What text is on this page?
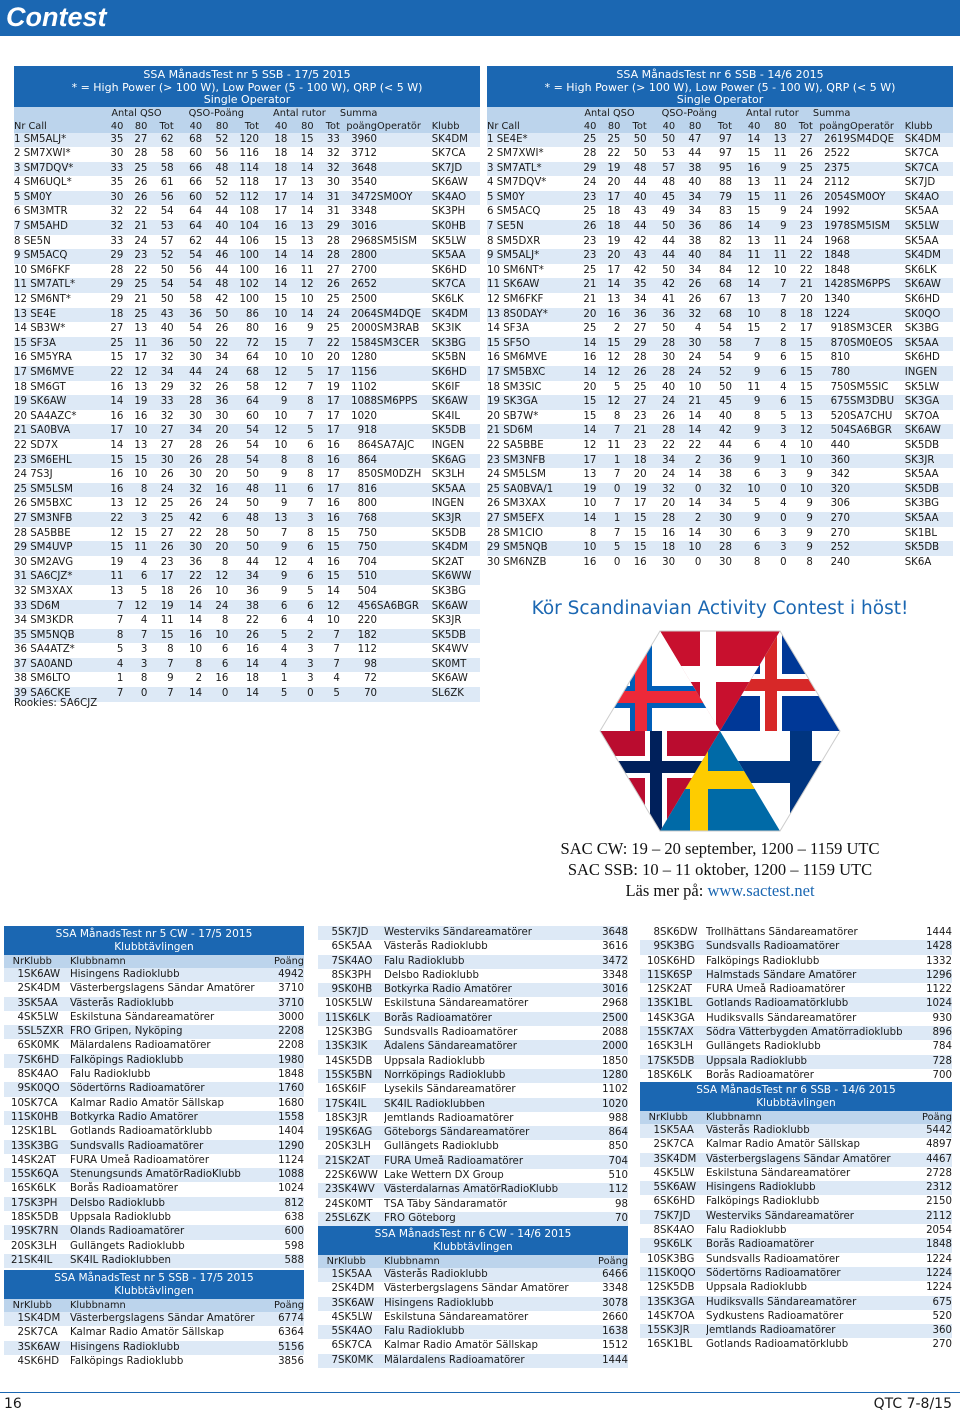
Contest
SSA MånadsTest nr 5 SSB - 17/5 2015
* = High Power (> 100 W), Low Power (5 - 100 W), QRP (< 5 W)
Single Operator
	Antal QSO			QSO-Poäng			Antal rutor			Summa		
Nr Call	40	80	Tot	40	80	Tot	40	80	Tot	poäng	Operatör	Klubb
1 SM5ALJ*	35	27	62	68	52	120	18	15	33	3960		SK4DM
2 SM7XWI*	30	28	58	60	56	116	18	14	32	3712		SK7CA
3 SM7DQV*	33	25	58	66	48	114	18	14	32	3648		SK7JD
4 SM6UQL*	35	26	61	66	52	118	17	13	30	3540		SK6AW
5 SM0Y	30	26	56	60	52	112	17	14	31	3472	SM0OY	SK4AO
6 SM3MTR	32	22	54	64	44	108	17	14	31	3348		SK3PH
7 SM5AHD	32	21	53	64	40	104	16	13	29	3016		SK0HB
8 SE5N	33	24	57	62	44	106	15	13	28	2968	SM5ISM	SK5LW
9 SM5ACQ	29	23	52	54	46	100	14	14	28	2800		SK5AA
10 SM6FKF	28	22	50	56	44	100	16	11	27	2700		SK6HD
11 SM7ATL*	29	25	54	54	48	102	14	12	26	2652		SK7CA
12 SM6NT*	29	21	50	58	42	100	15	10	25	2500		SK6LK
13 SE4E	18	25	43	36	50	86	10	14	24	2064	SM4DQE	SK4DM
14 SB3W*	27	13	40	54	26	80	16	9	25	2000	SM3RAB	SK3IK
15 SF3A	25	11	36	50	22	72	15	7	22	1584	SM3CER	SK3BG
16 SM5YRA	15	17	32	30	34	64	10	10	20	1280		SK5BN
17 SM6MVE	22	12	34	44	24	68	12	5	17	1156		SK6HD
18 SM6GT	16	13	29	32	26	58	12	7	19	1102		SK6IF
19 SK6AW	14	19	33	28	36	64	9	8	17	1088	SM6PPS	SK6AW
20 SA4AZC*	16	16	32	30	30	60	10	7	17	1020		SK4IL
21 SA0BVA	17	10	27	34	20	54	12	5	17	918		SK5DB
22 SD7X	14	13	27	28	26	54	10	6	16	864	SA7AJC	INGEN
23 SM6EHL	15	15	30	26	28	54	8	8	16	864		SK6AG
24 7S3J	16	10	26	30	20	50	9	8	17	850	SM0DZH	SK3LH
25 SM5LSM	16	8	24	32	16	48	11	6	17	816		SK5AA
26 SM5BXC	13	12	25	26	24	50	9	7	16	800		INGEN
27 SM3NFB	22	3	25	42	6	48	13	3	16	768		SK3JR
28 SA5BBE	12	15	27	22	28	50	7	8	15	750		SK5DB
29 SM4UVP	15	11	26	30	20	50	9	6	15	750		SK4DM
30 SM2AVG	19	4	23	36	8	44	12	4	16	704		SK2AT
31 SA6CJZ*	11	6	17	22	12	34	9	6	15	510		SK6WW
32 SM3XAX	13	5	18	26	10	36	9	5	14	504		SK3BG
33 SD6M	7	12	19	14	24	38	6	6	12	456	SA6BGR	SK6AW
34 SM3KDR	7	4	11	14	8	22	6	4	10	220		SK3JR
35 SM5NQB	8	7	15	16	10	26	5	2	7	182		SK5DB
36 SA4ATZ*	5	3	8	10	6	16	4	3	7	112		SK4WV
37 SA0AND	4	3	7	8	6	14	4	3	7	98		SK0MT
38 SM6LTO	1	8	9	2	16	18	1	3	4	72		SK6AW
39 SA6CKE	7	0	7	14	0	14	5	0	5	70		SL6ZK
Rookies: SA6CJZ
SSA MånadsTest nr 6 SSB - 14/6 2015
* = High Power (> 100 W), Low Power (5 - 100 W), QRP (< 5 W)
Single Operator
	Antal QSO			QSO-Poäng			Antal rutor			Summa		
Nr Call	40	80	Tot	40	80	Tot	40	80	Tot	poäng	Operatör	Klubb
1 SE4E*	25	25	50	50	47	97	14	13	27	2619	SM4DQE	SK4DM
2 SM7XWI*	28	22	50	53	44	97	15	11	26	2522		SK7CA
3 SM7ATL*	29	19	48	57	38	95	16	9	25	2375		SK7CA
4 SM7DQV*	24	20	44	48	40	88	13	11	24	2112		SK7JD
5 SM0Y	23	17	40	45	34	79	15	11	26	2054	SM0OY	SK4AO
6 SM5ACQ	25	18	43	49	34	83	15	9	24	1992		SK5AA
7 SE5N	26	18	44	50	36	86	14	9	23	1978	SM5ISM	SK5LW
8 SM5DXR	23	19	42	44	38	82	13	11	24	1968		SK5AA
9 SM5ALJ*	23	20	43	44	40	84	11	11	22	1848		SK4DM
10 SM6NT*	25	17	42	50	34	84	12	10	22	1848		SK6LK
11 SK6AW	21	14	35	42	26	68	14	7	21	1428	SM6PPS	SK6AW
12 SM6FKF	21	13	34	41	26	67	13	7	20	1340		SK6HD
13 8S0DAY*	20	16	36	36	32	68	10	8	18	1224		SK0QO
14 SF3A	25	2	27	50	4	54	15	2	17	918	SM3CER	SK3BG
15 SF5O	14	15	29	28	30	58	7	8	15	870	SM0EOS	SK5AA
16 SM6MVE	16	12	28	30	24	54	9	6	15	810		SK6HD
17 SM5BXC	14	12	26	28	24	52	9	6	15	780		INGEN
18 SM3SIC	20	5	25	40	10	50	11	4	15	750	SM5SIC	SK5LW
19 SK3GA	15	12	27	24	21	45	9	6	15	675	SM3DBU	SK3GA
20 SB7W*	15	8	23	26	14	40	8	5	13	520	SA7CHU	SK7OA
21 SD6M	14	7	21	28	14	42	9	3	12	504	SA6BGR	SK6AW
22 SA5BBE	12	11	23	22	22	44	6	4	10	440		SK5DB
23 SM3NFB	17	1	18	34	2	36	9	1	10	360		SK3JR
24 SM5LSM	13	7	20	24	14	38	6	3	9	342		SK5AA
25 SA0BVA/1	19	0	19	32	0	32	10	0	10	320		SK5DB
26 SM3XAX	10	7	17	20	14	34	5	4	9	306		SK3BG
27 SM5EFX	14	1	15	28	2	30	9	0	9	270		SK5AA
28 SM1CIO	8	7	15	16	14	30	6	3	9	270		SK1BL
29 SM5NQB	10	5	15	18	10	28	6	3	9	252		SK5DB
30 SM6NZB	16	0	16	30	0	30	8	0	8	240		SK6A
Kör Scandinavian Activity Contest i höst!
SAC CW: 19 – 20 september, 1200 – 1159 UTC
SAC SSB: 10 – 11 oktober, 1200 – 1159 UTC
Läs mer på: www.sactest.net
SSA MånadsTest nr 5 CW - 17/5 2015
Klubbtävlingen
Nr	Klubb	Klubbnamn	Poäng
1	SK6AW	Hisingens Radioklubb	4942
2	SK4DM	Västerbergslagens Sändar Amatörer	3710
3	SK5AA	Västerås Radioklubb	3710
4	SK5LW	Eskilstuna Sändareamatörer	3000
5	SL5ZXR	FRO Gripen, Nyköping	2208
6	SK0MK	Mälardalens Radioamatörer	2208
7	SK6HD	Falköpings Radioklubb	1980
8	SK4AO	Falu Radioklubb	1848
9	SK0QO	Södertörns Radioamatörer	1760
10	SK7CA	Kalmar Radio Amatör Sällskap	1680
11	SK0HB	Botkyrka Radio Amatörer	1558
12	SK1BL	Gotlands Radioamatörklubb	1404
13	SK3BG	Sundsvalls Radioamatörer	1290
14	SK2AT	FURA Umeå Radioamatörer	1124
15	SK6QA	Stenungsunds AmatörRadioKlubb	1088
16	SK6LK	Borås Radioamatörer	1024
17	SK3PH	Delsbo Radioklubb	812
18	SK5DB	Uppsala Radioklubb	638
19	SK7RN	Ölands Radioamatörer	600
20	SK3LH	Gullängets Radioklubb	598
21	SK4IL	SK4IL Radioklubben	588
SSA MånadsTest nr 5 SSB - 17/5 2015
Klubbtävlingen
Nr	Klubb	Klubbnamn	Poäng
1	SK4DM	Västerbergslagens Sändar Amatörer	6774
2	SK7CA	Kalmar Radio Amatör Sällskap	6364
3	SK6AW	Hisingens Radioklubb	5156
4	SK6HD	Falköpings Radioklubb	3856
5	SK7JD	Westerviks Sändareamatörer	3648
6	SK5AA	Västerås Radioklubb	3616
7	SK4AO	Falu Radioklubb	3472
8	SK3PH	Delsbo Radioklubb	3348
9	SK0HB	Botkyrka Radio Amatörer	3016
10	SK5LW	Eskilstuna Sändareamatörer	2968
11	SK6LK	Borås Radioamatörer	2500
12	SK3BG	Sundsvalls Radioamatörer	2088
13	SK3IK	Ådalens Sändareamatörer	2000
14	SK5DB	Uppsala Radioklubb	1850
15	SK5BN	Norrköpings Radioklubb	1280
16	SK6IF	Lysekils Sändareamatörer	1102
17	SK4IL	SK4IL Radioklubben	1020
18	SK3JR	Jemtlands Radioamatörer	988
19	SK6AG	Göteborgs Sändareamatörer	864
20	SK3LH	Gullängets Radioklubb	850
21	SK2AT	FURA Umeå Radioamatörer	704
22	SK6WW	Lake Wettern DX Group	510
23	SK4WV	Västerdalarnas AmatörRadioKlubb	112
24	SK0MT	TSA Täby Sändaramatör	98
25	SL6ZK	FRO Göteborg	70
SSA MånadsTest nr 6 CW - 14/6 2015
Klubbtävlingen
Nr	Klubb	Klubbnamn	Poäng
1	SK5AA	Västerås Radioklubb	6466
2	SK4DM	Västerbergslagens Sändar Amatörer	3348
3	SK6AW	Hisingens Radioklubb	3078
4	SK5LW	Eskilstuna Sändareamatörer	2660
5	SK4AO	Falu Radioklubb	1638
6	SK7CA	Kalmar Radio Amatör Sällskap	1512
7	SK0MK	Mälardalens Radioamatörer	1444
8	SK6DW	Trollhättans Sändareamatörer	1444
9	SK3BG	Sundsvalls Radioamatörer	1428
10	SK6HD	Falköpings Radioklubb	1332
11	SK6SP	Halmstads Sändare Amatörer	1296
12	SK2AT	FURA Umeå Radioamatörer	1122
13	SK1BL	Gotlands Radioamatörklubb	1024
14	SK3GA	Hudiksvalls Sändareamatörer	930
15	SK7AX	Södra Vätterbygden Amatörradioklubb	896
16	SK3LH	Gullängets Radioklubb	784
17	SK5DB	Uppsala Radioklubb	728
18	SK6LK	Borås Radioamatörer	700
SSA MånadsTest nr 6 SSB - 14/6 2015
Klubbtävlingen
Nr	Klubb	Klubbnamn	Poäng
1	SK5AA	Västerås Radioklubb	5442
2	SK7CA	Kalmar Radio Amatör Sällskap	4897
3	SK4DM	Västerbergslagens Sändar Amatörer	4467
4	SK5LW	Eskilstuna Sändareamatörer	2728
5	SK6AW	Hisingens Radioklubb	2312
6	SK6HD	Falköpings Radioklubb	2150
7	SK7JD	Westerviks Sändareamatörer	2112
8	SK4AO	Falu Radioklubb	2054
9	SK6LK	Borås Radioamatörer	1848
10	SK3BG	Sundsvalls Radioamatörer	1224
11	SK0QO	Södertörns Radioamatörer	1224
12	SK5DB	Uppsala Radioklubb	1224
13	SK3GA	Hudiksvalls Sändareamatörer	675
14	SK7OA	Sydkustens Radioamatörer	520
15	SK3JR	Jemtlands Radioamatörer	360
16	SK1BL	Gotlands Radioamatörklubb	270
16	QTC 7-8/15
